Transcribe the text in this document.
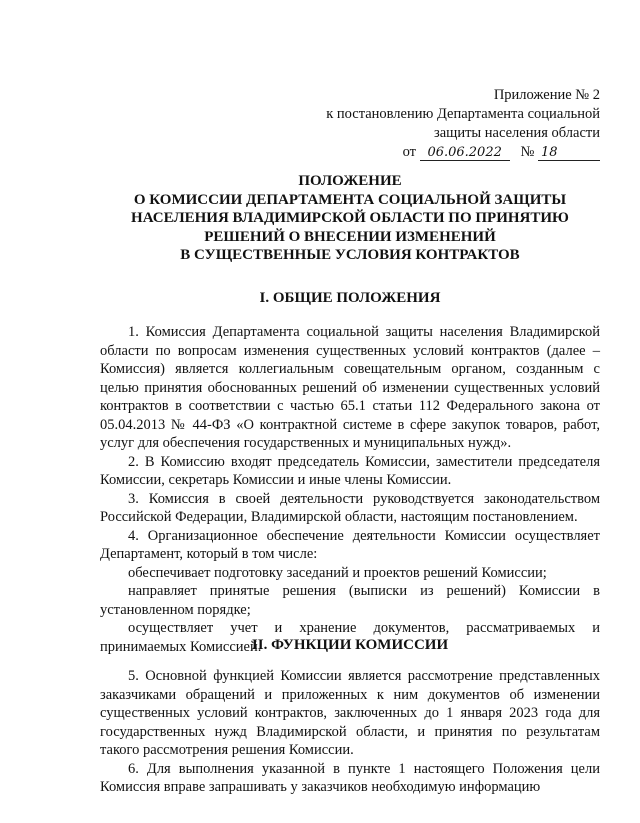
Приложение № 2
к постановлению Департамента социальной
защиты населения области
от 06.06.2022 № 18
ПОЛОЖЕНИЕ
О КОМИССИИ ДЕПАРТАМЕНТА СОЦИАЛЬНОЙ ЗАЩИТЫ
НАСЕЛЕНИЯ ВЛАДИМИРСКОЙ ОБЛАСТИ ПО ПРИНЯТИЮ
РЕШЕНИЙ О ВНЕСЕНИИ ИЗМЕНЕНИЙ
В СУЩЕСТВЕННЫЕ УСЛОВИЯ КОНТРАКТОВ
I. ОБЩИЕ ПОЛОЖЕНИЯ

1. Комиссия Департамента социальной защиты населения Владимирской области по вопросам изменения существенных условий контрактов (далее – Комиссия) является коллегиальным совещательным органом, созданным с целью принятия обоснованных решений об изменении существенных условий контрактов в соответствии с частью 65.1 статьи 112 Федерального закона от 05.04.2013 № 44-ФЗ «О контрактной системе в сфере закупок товаров, работ, услуг для обеспечения государственных и муниципальных нужд».

2. В Комиссию входят председатель Комиссии, заместители председателя Комиссии, секретарь Комиссии и иные члены Комиссии.

3. Комиссия в своей деятельности руководствуется законодательством Российской Федерации, Владимирской области, настоящим постановлением.

4. Организационное обеспечение деятельности Комиссии осуществляет Департамент, который в том числе:

обеспечивает подготовку заседаний и проектов решений Комиссии;

направляет принятые решения (выписки из решений) Комиссии в установленном порядке;

осуществляет учет и хранение документов, рассматриваемых и принимаемых Комиссией.

II. ФУНКЦИИ КОМИССИИ

5. Основной функцией Комиссии является рассмотрение представленных заказчиками обращений и приложенных к ним документов об изменении существенных условий контрактов, заключенных до 1 января 2023 года для государственных нужд Владимирской области, и принятия по результатам такого рассмотрения решения Комиссии.

6. Для выполнения указанной в пункте 1 настоящего Положения цели Комиссия вправе запрашивать у заказчиков необходимую информацию
